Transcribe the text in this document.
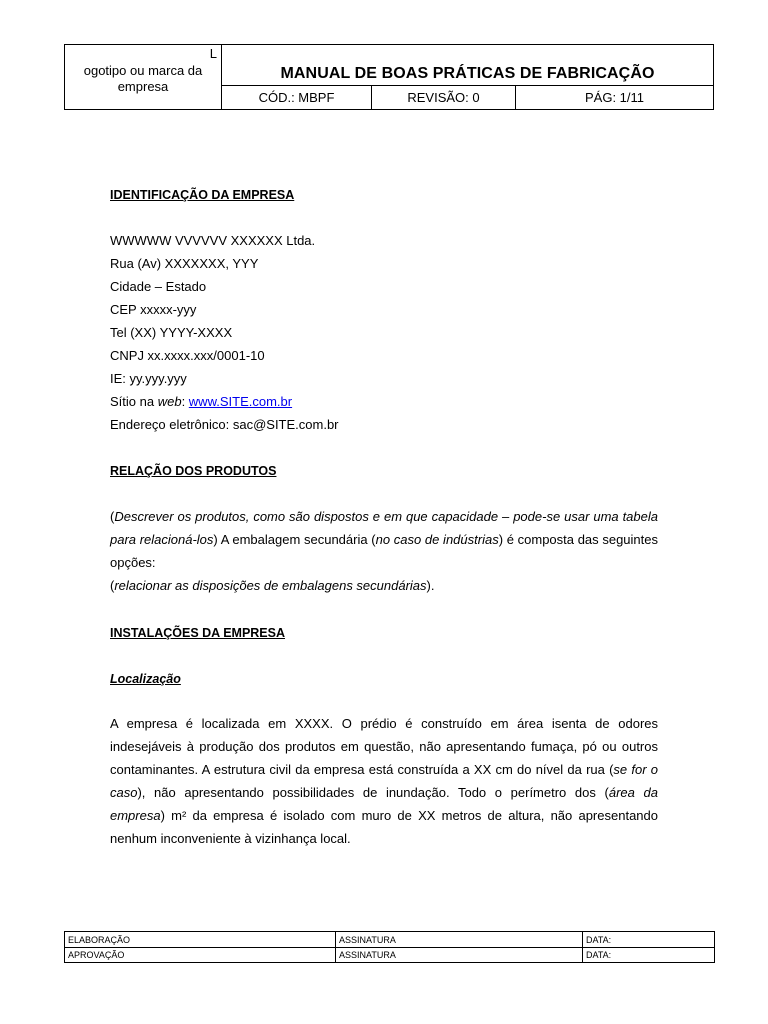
L
ogotipo ou marca da
empresa
MANUAL DE BOAS PRÁTICAS DE FABRICAÇÃO
CÓD.: MBPF	REVISÃO: 0	PÁG: 1/11
IDENTIFICAÇÃO DA EMPRESA
WWWWW VVVVVV XXXXXX Ltda.
Rua (Av) XXXXXXX, YYY
Cidade – Estado
CEP xxxxx-yyy
Tel (XX) YYYY-XXXX
CNPJ xx.xxxx.xxx/0001-10
IE: yy.yyy.yyy
Sítio na web: www.SITE.com.br
Endereço eletrônico: sac@SITE.com.br
RELAÇÃO DOS PRODUTOS
(Descrever os produtos, como são dispostos e em que capacidade – pode-se usar uma tabela para relacioná-los) A embalagem secundária (no caso de indústrias) é composta das seguintes opções:
(relacionar as disposições de embalagens secundárias).
INSTALAÇÕES DA EMPRESA
Localização
A empresa é localizada em XXXX. O prédio é construído em área isenta de odores indesejáveis à produção dos produtos em questão, não apresentando fumaça, pó ou outros contaminantes. A estrutura civil da empresa está construída a XX cm do nível da rua (se for o caso), não apresentando possibilidades de inundação. Todo o perímetro dos (área da empresa) m² da empresa é isolado com muro de XX metros de altura, não apresentando nenhum inconveniente à vizinhança local.
ELABORAÇÃO	ASSINATURA	DATA:
APROVAÇÃO	ASSINATURA	DATA:
